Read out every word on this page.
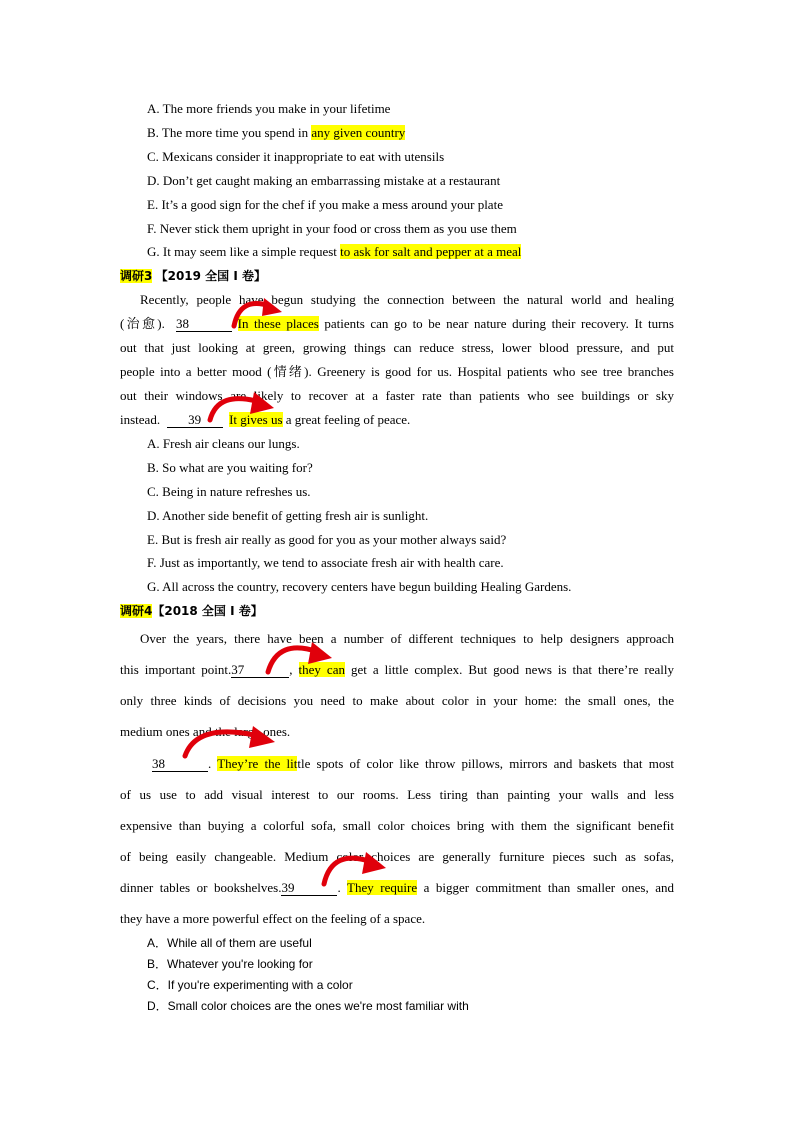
A. The more friends you make in your lifetime
B. The more time you spend in any given country
C. Mexicans consider it inappropriate to eat with utensils
D. Don’t get caught making an embarrassing mistake at a restaurant
E. It’s a good sign for the chef if you make a mess around your plate
F. Never stick them upright in your food or cross them as you use them
G. It may seem like a simple request to ask for salt and pepper at a meal
调研3 【2019 全国 I 卷】
Recently, people have begun studying the connection between the natural world and healing
(治愈). 38	In these places patients can go to be near nature during their recovery. It turns
out that just looking at green, growing things can reduce stress, lower blood pressure, and put
people into a better mood (情绪). Greenery is good for us. Hospital patients who see tree branches
out their windows are likely to recover at a faster rate than patients who see buildings or sky
instead. 39 It gives us a great feeling of peace.
A. Fresh air cleans our lungs.
B. So what are you waiting for?
C. Being in nature refreshes us.
D. Another side benefit of getting fresh air is sunlight.
E. But is fresh air really as good for you as your mother always said?
F. Just as importantly, we tend to associate fresh air with health care.
G. All across the country, recovery centers have begun building Healing Gardens.
调研4【2018 全国 I 卷】
Over the years, there have been a number of different techniques to help designers approach
this important point.37	, they can get a little complex. But good news is that there’re really
only three kinds of decisions you need to make about color in your home: the small ones, the
medium ones and the large ones.
38	. They’re the little spots of color like throw pillows, mirrors and baskets that most
of us use to add visual interest to our rooms. Less tiring than painting your walls and less
expensive than buying a colorful sofa, small color choices bring with them the significant benefit
of being easily changeable. Medium color choices are generally furniture pieces such as sofas,
dinner tables or bookshelves.39	. They require a bigger commitment than smaller ones, and
they have a more powerful effect on the feeling of a space.
A．While all of them are useful
B．Whatever you're looking for
C．If you're experimenting with a color
D．Small color choices are the ones we're most familiar with
